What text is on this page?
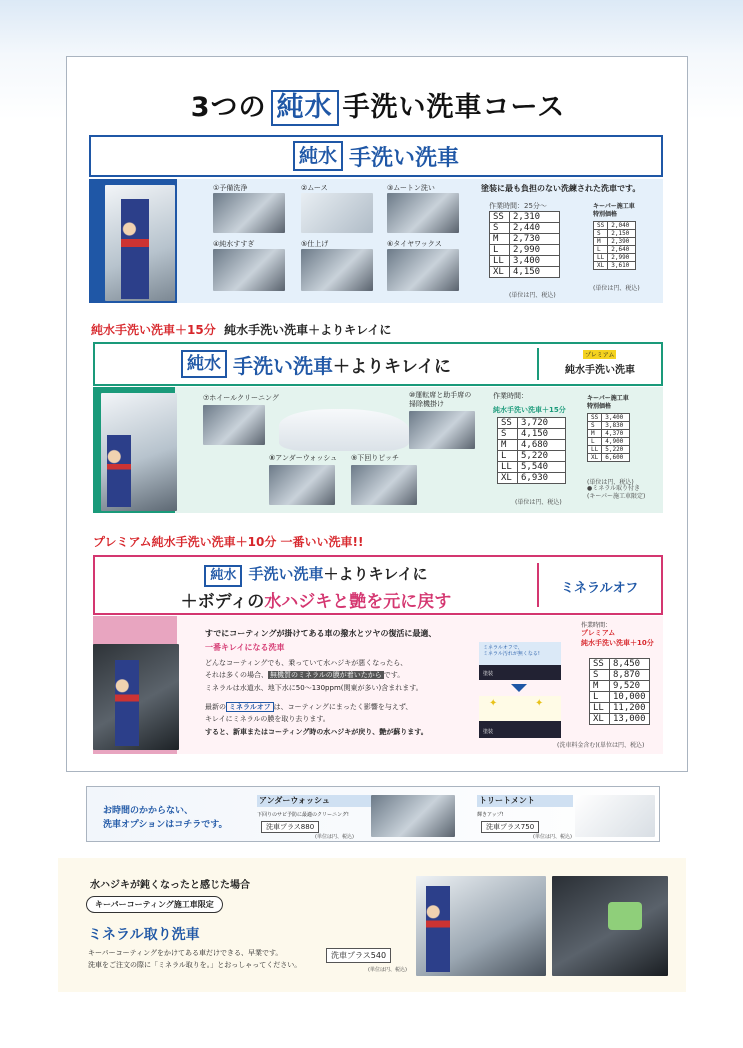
3つの 純水 手洗い洗車コース
純水 手洗い洗車
①予備洗浄	②ムース	③ムートン洗い
④純水すすぎ	⑤仕上げ	⑥タイヤワックス
塗装に最も負担のない洗練された洗車です。
作業時間：25分～
SS	2,310
S	2,440
M	2,730
L	2,990
LL	3,400
XL	4,150
(単位は円、税込)
キーパー施工車
特別価格
SS	2,040
S	2,150
M	2,390
L	2,640
LL	2,990
XL	3,610
(単位は円、税込)
純水手洗い洗車＋15分 純水手洗い洗車＋よりキレイに
純水 手洗い洗車 ＋よりキレイに
プレミアム
純水手洗い洗車
⑦ホイールクリーニング	⑩運転席と助手席の
掃除機掛け
⑧アンダーウォッシュ ⑨下回りピッチ
作業時間：
純水手洗い洗車＋15分
SS	3,720
S	4,150
M	4,680
L	5,220
LL	5,540
XL	6,930
(単位は円、税込)
キーパー施工車
特別価格
SS	3,400
S	3,830
M	4,370
L	4,900
LL	5,220
XL	6,600
(単位は円、税込)
●ミネラル取り付き
(キーパー施工車限定)
プレミアム純水手洗い洗車＋10分 一番いい洗車!!
純水 手洗い洗車＋よりキレイに
＋ボディの水ハジキと艶を元に戻す
ミネラルオフ
すでにコーティングが掛けてある車の撥水とツヤの復活に最適、
一番キレイになる洗車
どんなコーティングでも、乗っていて水ハジキが悪くなったら、
それは多くの場合、 無機質のミネラルの膜が着いたから です。
ミネラルは水道水、地下水に50～130ppm(関東が多い)含まれます。
最新の ミネラルオフ は、コーティングにまったく影響を与えず、
キレイにミネラルの膜を取り去ります。
すると、新車またはコーティング時の水ハジキが戻り、艶が蘇ります。
ミネラルオフで、
ミネラル汚れが無くなる!
塗装
✦	✦
塗装
作業時間：
プレミアム
純水手洗い洗車＋10分
SS	8,450
S	8,870
M	9,520
L	10,000
LL	11,200
XL	13,000
(洗車料金含む)(単位は円、税込)
お時間のかからない、
洗車オプションはコチラです。
アンダーウォッシュ
下回りのサビ予防に最適のクリーニング!
洗車プラス880
(単位は円、税込)
トリートメント
輝きアップ!
洗車プラス750
(単位は円、税込)
水ハジキが鈍くなったと感じた場合
キーパーコーティング施工車限定
ミネラル取り洗車
キーパーコーティングをかけてある車だけできる、早業です。
洗車をご注文の際に「ミネラル取りを。」とおっしゃってください。
洗車プラス540
(単位は円、税込)
